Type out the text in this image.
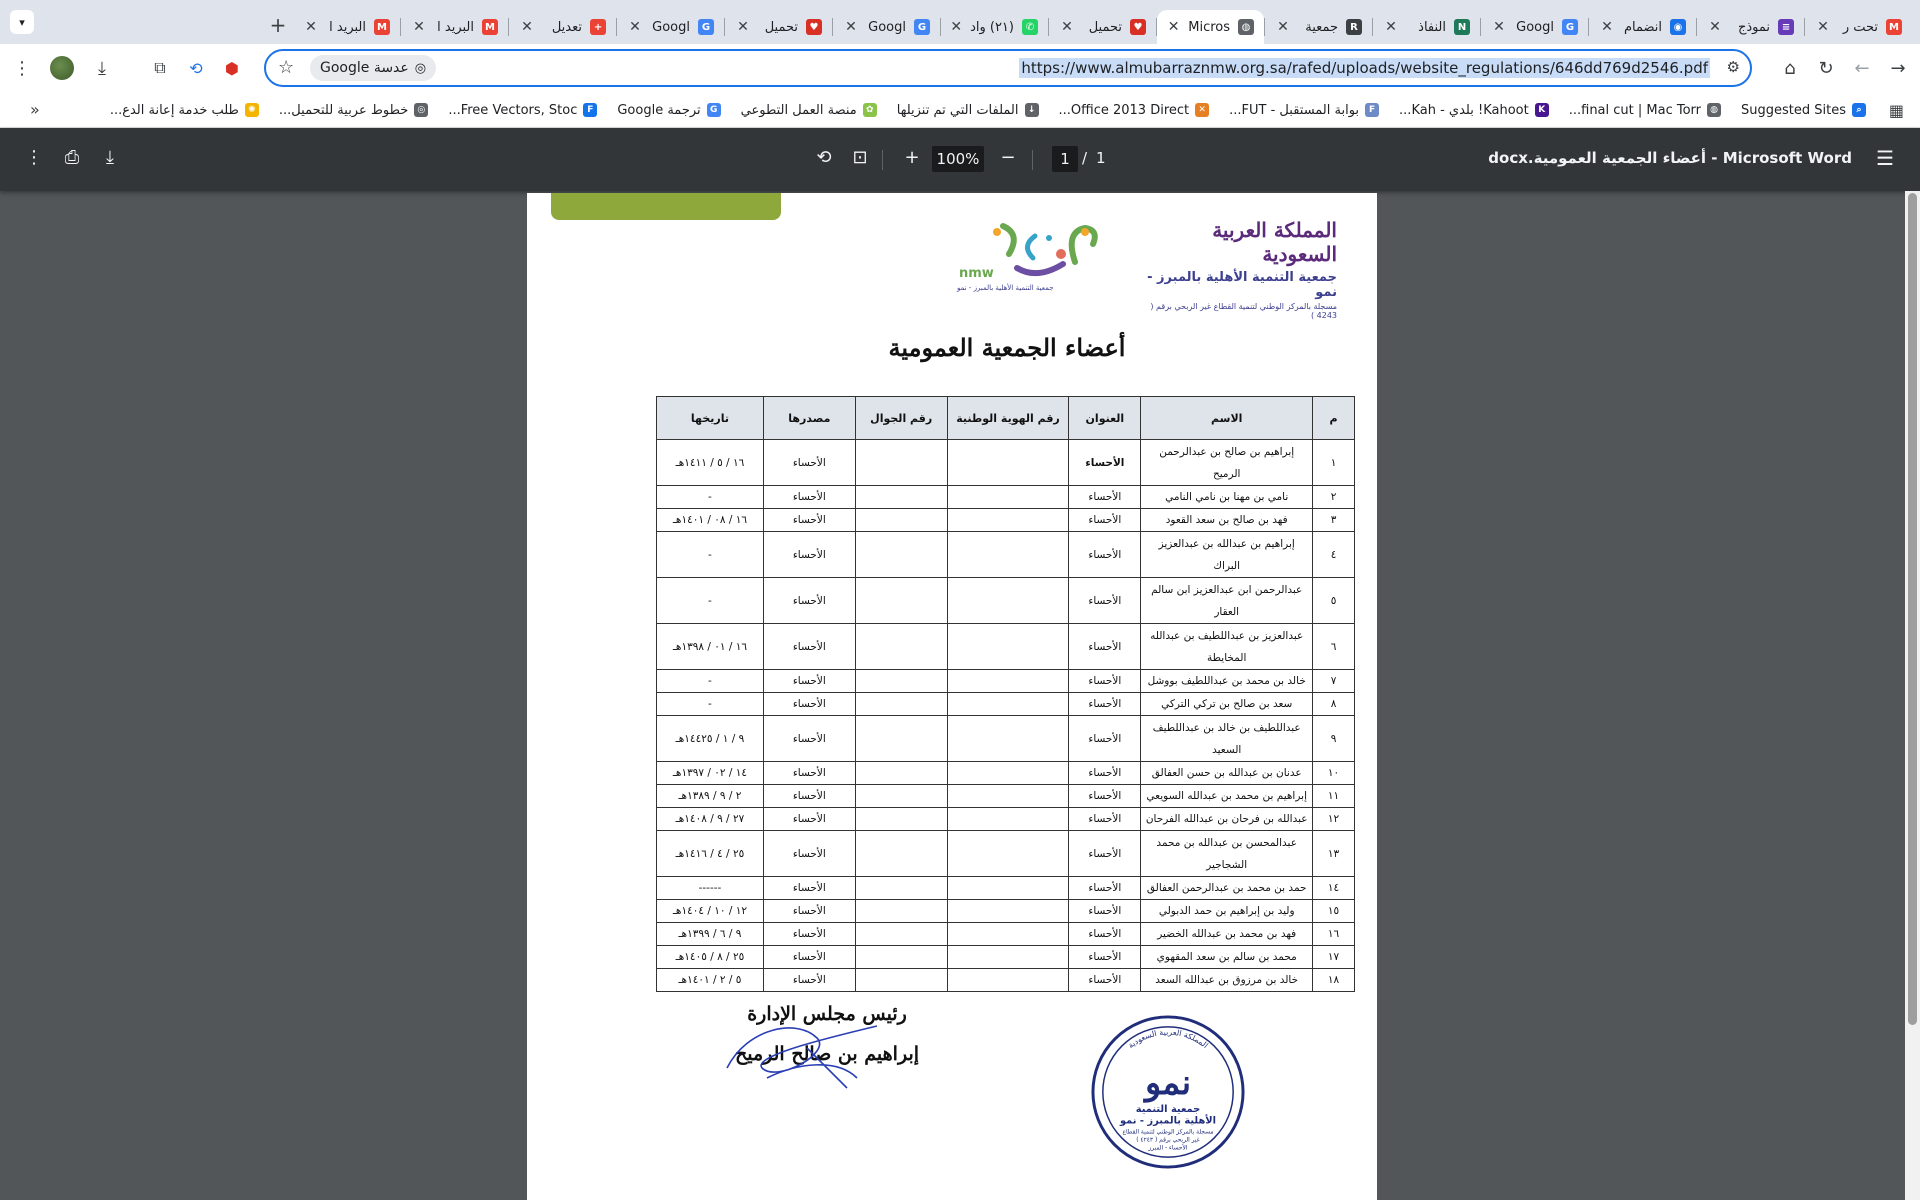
M
تحت ر
✕
≡
نموذج
✕
◉
انضمام
✕
G
Googl
✕
N
النفاذ
✕
R
جمعية
✕
◍
Micros
✕
♥
تحميل
✕
✆
(٢١) واد
✕
G
Googl
✕
♥
تحميل
✕
G
Googl
✕
+
تعديل
✕
M
البريد ا
✕
M
البريد ا
✕
+
▾
→
←
↻
⌂
⚙
https://www.almubarraznmw.org.sa/rafed/uploads/website_regulations/646dd769d2546.pdf
◎
عدسة Google
☆
⬢
⟲
⧉
⤓
⋮
▦
⌕
Suggested Sites
◍
final cut | Mac Torr...
K
Kahoot! بلدي - Kah...
F
بوابة المستقبل - FUT...
✕
Office 2013 Direct...
↓
الملفات التي تم تنزيلها
✿
منصة العمل التطوعي
G
ترجمة Google
F
Free Vectors, Stoc...
◎
خطوط عربية للتحميل...
✺
طلب خدمة إعانة الدع...
»
☰
Microsoft Word - أعضاء الجمعية العمومية.docx
1
/
1
−
100%
+
⊡
⟲
⤓
⎙
⋮
المملكة العربية السعودية
جمعية التنمية الأهلية بالمبرز - نمو
مسجلة بالمركز الوطني لتنمية القطاع غير الربحي برقم ( 4243 )
nmw
جمعية التنمية الأهلية بالمبرز - نمو
أعضاء الجمعية العمومية
م	الاسم	العنوان	رقم الهوية الوطنية	رقم الجوال	مصدرها	تاريخها
١	إبراهيم بن صالح بن عبدالرحمن الرميح	الأحساء			الأحساء	١٦ / ٥ / ١٤١١هـ
٢	نامي بن مهنا بن نامي النامي	الأحساء			الأحساء	-
٣	فهد بن صالح بن سعد القعود	الأحساء			الأحساء	١٦ / ٠٨ / ١٤٠١هـ
٤	إبراهيم بن عبدالله بن عبدالعزيز البراك	الأحساء			الأحساء	-
٥	عبدالرحمن ابن عبدالعزيز ابن سالم العقار	الأحساء			الأحساء	-
٦	عبدالعزيز بن عبداللطيف بن عبدالله المخايطة	الأحساء			الأحساء	١٦ / ٠١ / ١٣٩٨هـ
٧	خالد بن محمد بن عبداللطيف بووشل	الأحساء			الأحساء	-
٨	سعد بن صالح بن تركي التركي	الأحساء			الأحساء	-
٩	عبداللطيف بن خالد بن عبداللطيف السعيد	الأحساء			الأحساء	٩ / ١ / ١٤٤٢٥هـ
١٠	عدنان بن عبدالله بن حسن العفالق	الأحساء			الأحساء	١٤ / ٠٢ / ١٣٩٧هـ
١١	إبراهيم بن محمد بن عبدالله السويعي	الأحساء			الأحساء	٢ / ٩ / ١٣٨٩هـ
١٢	عبدالله بن فرحان بن عبدالله الفرحان	الأحساء			الأحساء	٢٧ / ٩ / ١٤٠٨هـ
١٣	عبدالمحسن بن عبدالله بن محمد الشجاجير	الأحساء			الأحساء	٢٥ / ٤ / ١٤١٦هـ
١٤	حمد بن محمد بن عبدالرحمن العفالق	الأحساء			الأحساء	------
١٥	وليد بن إبراهيم بن حمد الدبولي	الأحساء			الأحساء	١٢ / ١٠ / ١٤٠٤هـ
١٦	فهد بن محمد بن عبدالله الخضير	الأحساء			الأحساء	٩ / ٦ / ١٣٩٩هـ
١٧	محمد بن سالم بن سعد المقهوي	الأحساء			الأحساء	٢٥ / ٨ / ١٤٠٥هـ
١٨	خالد بن مرزوق بن عبدالله السعد	الأحساء			الأحساء	٥ / ٢ / ١٤٠١هـ
رئيس مجلس الإدارة
إبراهيم بن صالح الرميح	المملكة العربية السعودية
نمو
جمعية التنمية
الأهلية بالمبرز - نمو
مسجلة بالمركز الوطني لتنمية القطاع
غير الربحي برقم ( ٤٢٤٣ )
الأحساء - المبرز
